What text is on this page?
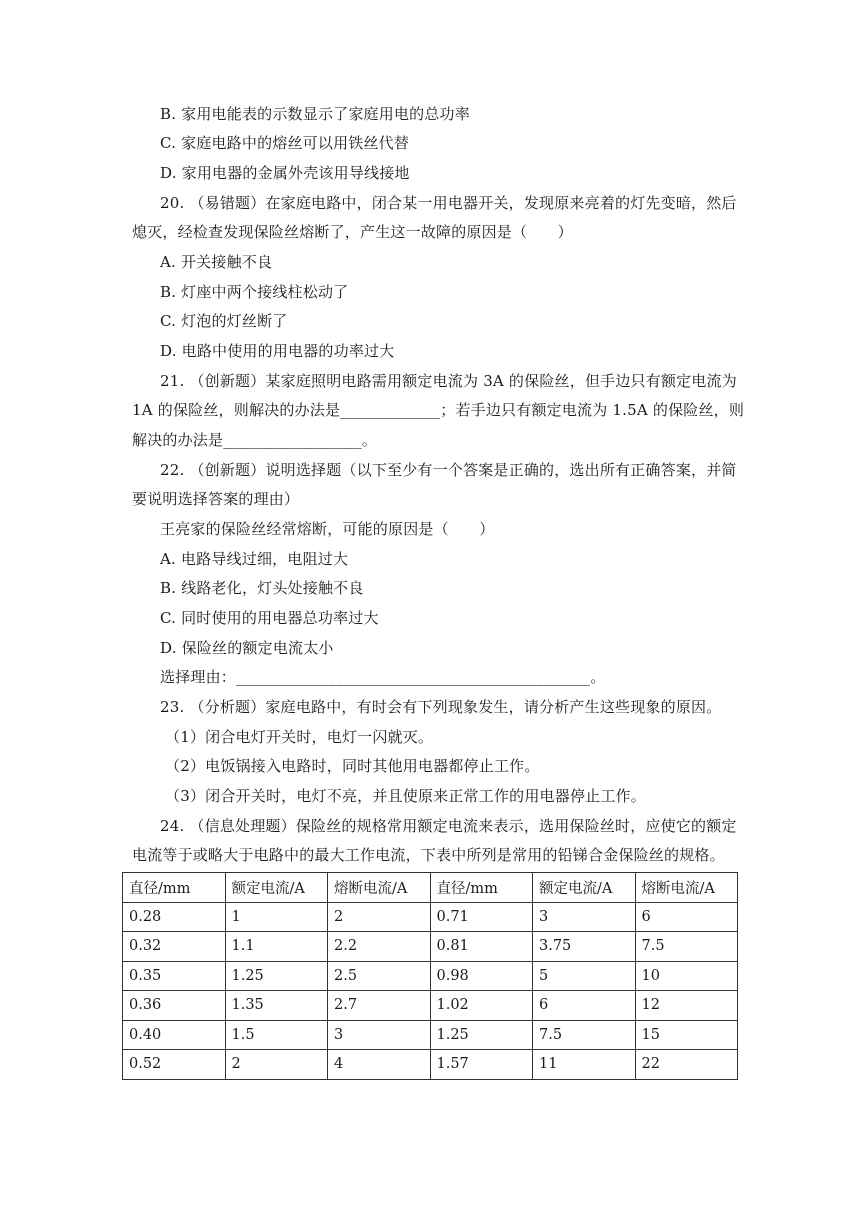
B. 家用电能表的示数显示了家庭用电的总功率
C. 家庭电路中的熔丝可以用铁丝代替
D. 家用电器的金属外壳该用导线接地
20. （易错题）在家庭电路中，闭合某一用电器开关，发现原来亮着的灯先变暗，然后
熄灭，经检查发现保险丝熔断了，产生这一故障的原因是（　　）
A. 开关接触不良
B. 灯座中两个接线柱松动了
C. 灯泡的灯丝断了
D. 电路中使用的用电器的功率过大
21. （创新题）某家庭照明电路需用额定电流为 3A 的保险丝，但手边只有额定电流为
1A 的保险丝，则解决的办法是_____________；若手边只有额定电流为 1.5A 的保险丝，则
解决的办法是__________________。
22. （创新题）说明选择题（以下至少有一个答案是正确的，选出所有正确答案，并简
要说明选择答案的理由）
王亮家的保险丝经常熔断，可能的原因是（　　）
A. 电路导线过细，电阻过大
B. 线路老化，灯头处接触不良
C. 同时使用的用电器总功率过大
D. 保险丝的额定电流太小
选择理由：______________________________________________。
23. （分析题）家庭电路中，有时会有下列现象发生，请分析产生这些现象的原因。
（1）闭合电灯开关时，电灯一闪就灭。
（2）电饭锅接入电路时，同时其他用电器都停止工作。
（3）闭合开关时，电灯不亮，并且使原来正常工作的用电器停止工作。
24. （信息处理题）保险丝的规格常用额定电流来表示，选用保险丝时，应使它的额定
电流等于或略大于电路中的最大工作电流，下表中所列是常用的铅锑合金保险丝的规格。
直径/mm	额定电流/A	熔断电流/A	直径/mm	额定电流/A	熔断电流/A
0.28	1	2	0.71	3	6
0.32	1.1	2.2	0.81	3.75	7.5
0.35	1.25	2.5	0.98	5	10
0.36	1.35	2.7	1.02	6	12
0.40	1.5	3	1.25	7.5	15
0.52	2	4	1.57	11	22
